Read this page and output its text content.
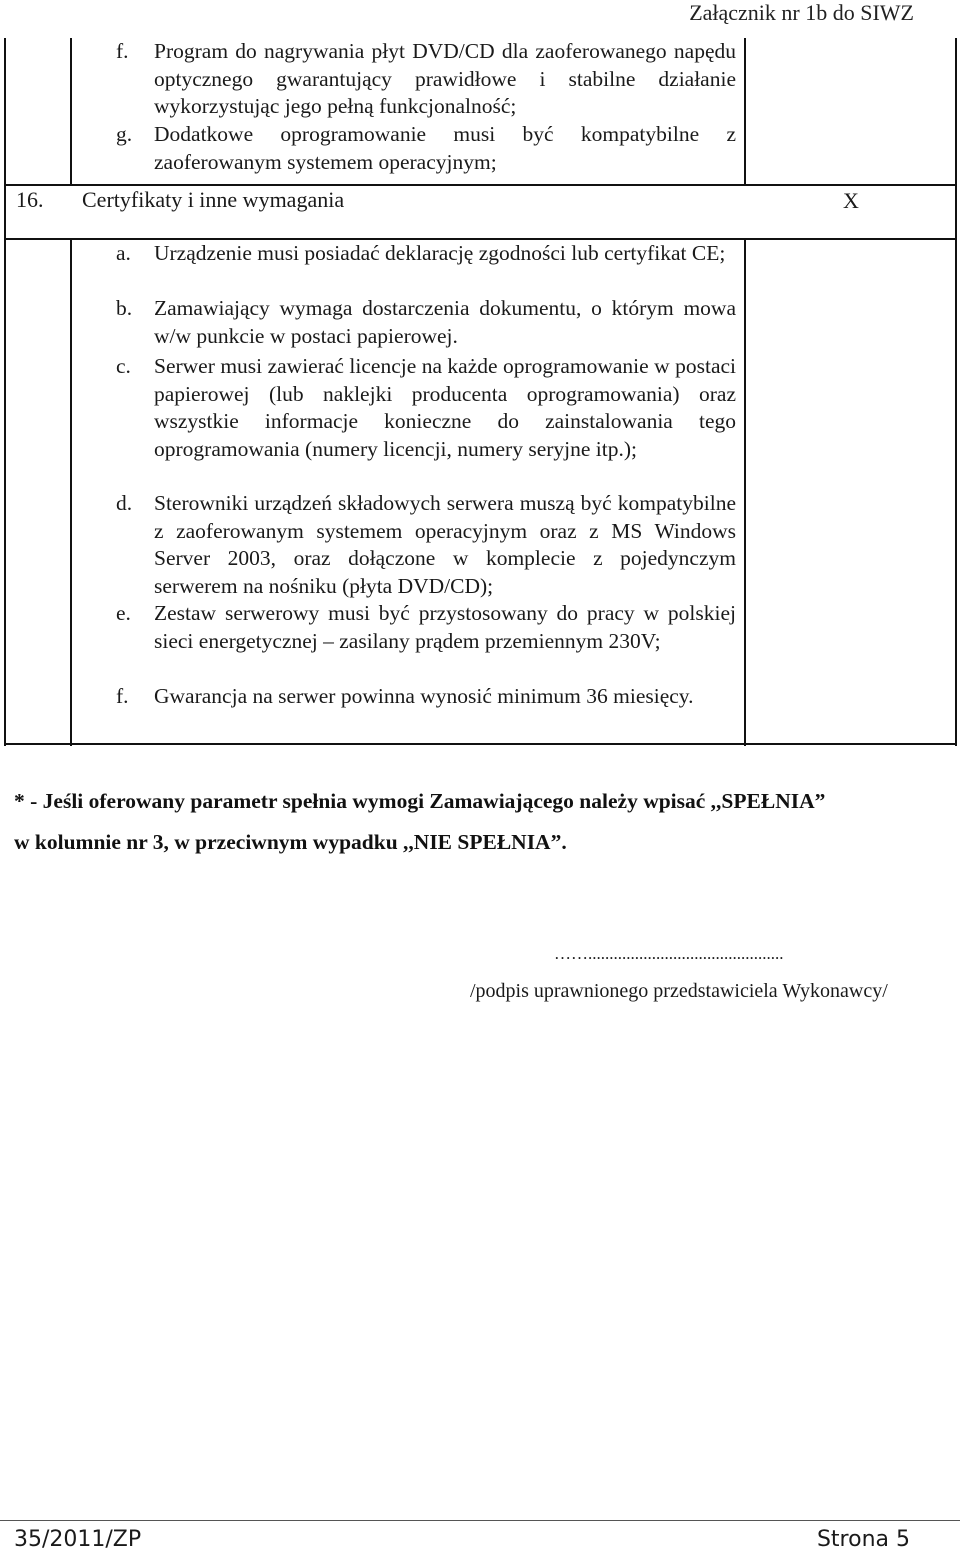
Załącznik nr 1b do SIWZ
f. Program do nagrywania płyt DVD/CD dla zaoferowanego napędu optycznego gwarantujący prawidłowe i stabilne działanie wykorzystując jego pełną funkcjonalność;
g. Dodatkowe oprogramowanie musi być kompatybilne z zaoferowanym systemem operacyjnym;
16. Certyfikaty i inne wymagania	X
a. Urządzenie musi posiadać deklarację zgodności lub certyfikat CE;
b. Zamawiający wymaga dostarczenia dokumentu, o którym mowa w/w punkcie w postaci papierowej.
c. Serwer musi zawierać licencje na każde oprogramowanie w postaci papierowej (lub naklejki producenta oprogramowania) oraz wszystkie informacje konieczne do zainstalowania tego oprogramowania (numery licencji, numery seryjne itp.);
d. Sterowniki urządzeń składowych serwera muszą być kompatybilne z zaoferowanym systemem operacyjnym oraz z MS Windows Server 2003, oraz dołączone w komplecie z pojedynczym serwerem na nośniku (płyta DVD/CD);
e. Zestaw serwerowy musi być przystosowany do pracy w polskiej sieci energetycznej – zasilany prądem przemiennym 230V;
f. Gwarancja na serwer powinna wynosić minimum 36 miesięcy.
* - Jeśli oferowany parametr spełnia wymogi Zamawiającego należy wpisać ,,SPEŁNIA”
w kolumnie nr 3, w przeciwnym wypadku ,,NIE SPEŁNIA”.
……..............................................
/podpis uprawnionego przedstawiciela Wykonawcy/
35/2011/ZP	Strona 5
